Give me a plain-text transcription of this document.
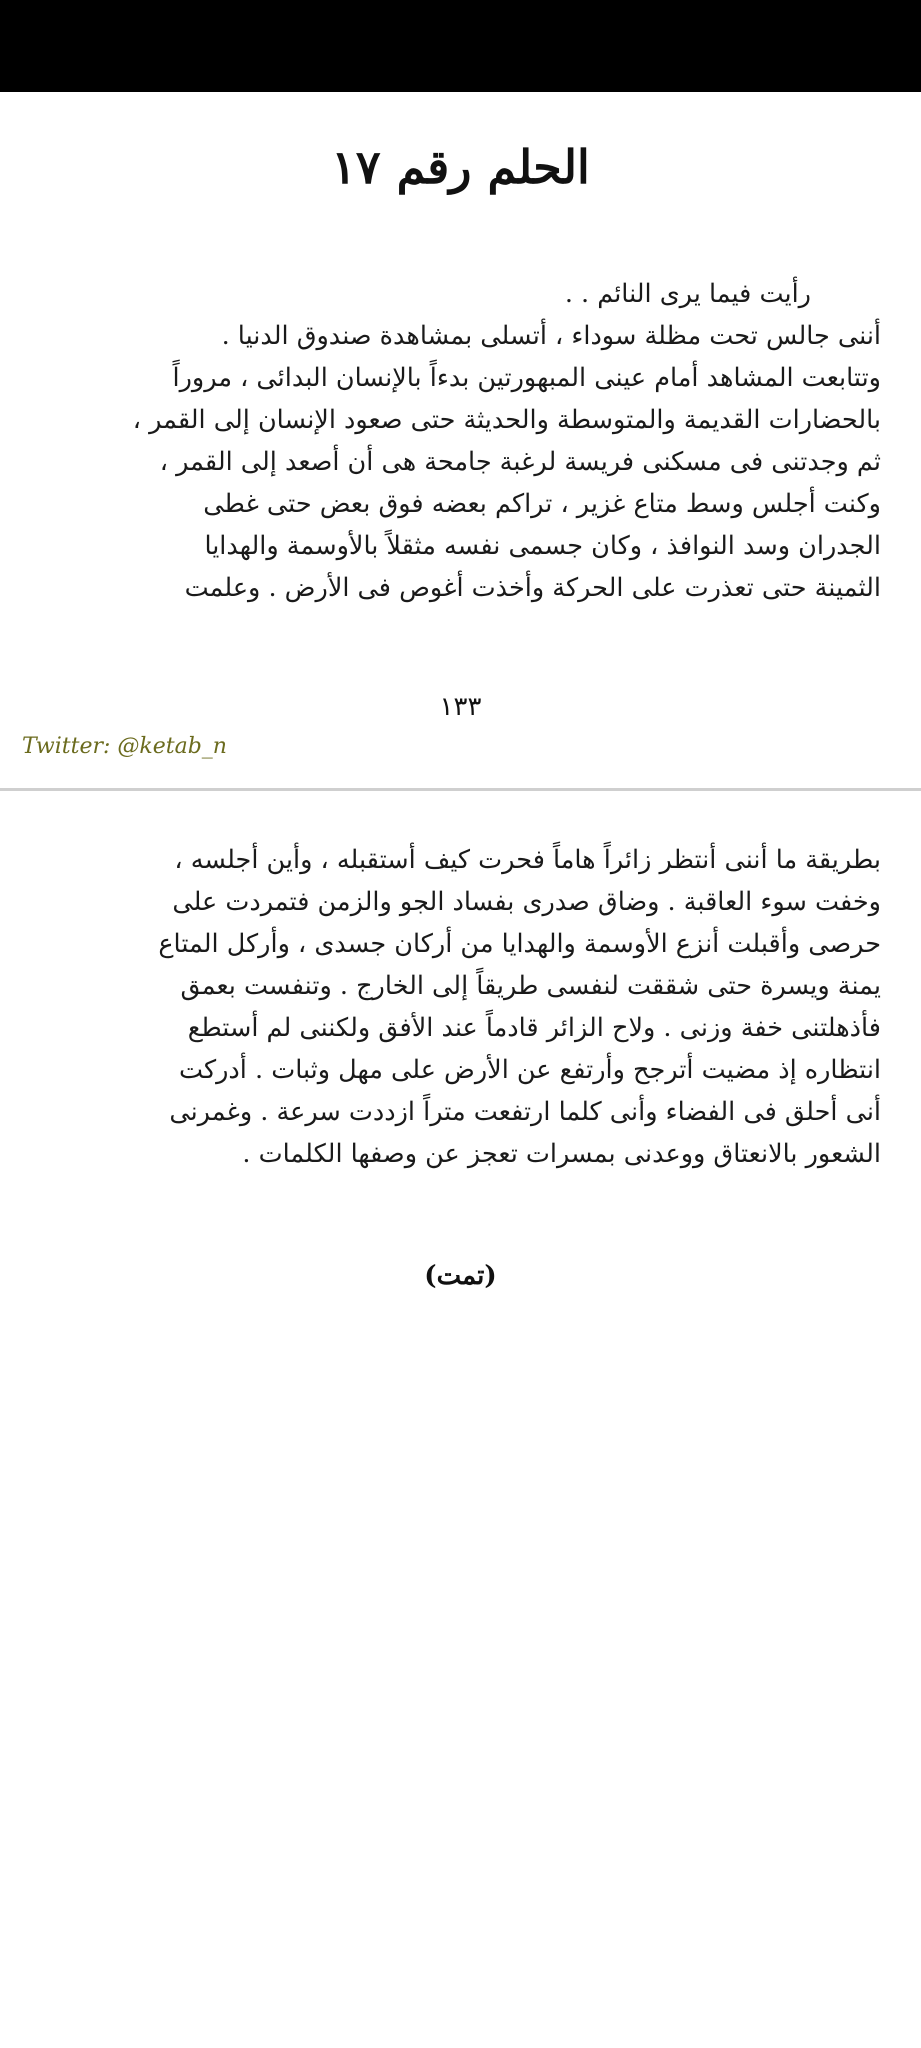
الحلم رقم ١٧
رأيت فيما يرى النائم . .
أننى جالس تحت مظلة سوداء ، أتسلى بمشاهدة صندوق الدنيا .
وتتابعت المشاهد أمام عينى المبهورتين بدءاً بالإنسان البدائى ، مروراً
بالحضارات القديمة والمتوسطة والحديثة حتى صعود الإنسان إلى القمر ،
ثم وجدتنى فى مسكنى فريسة لرغبة جامحة هى أن أصعد إلى القمر ،
وكنت أجلس وسط متاع غزير ، تراكم بعضه فوق بعض حتى غطى
الجدران وسد النوافذ ، وكان جسمى نفسه مثقلاً بالأوسمة والهدايا
الثمينة حتى تعذرت على الحركة وأخذت أغوص فى الأرض . وعلمت
١٣٣
Twitter: @ketab_n
بطريقة ما أننى أنتظر زائراً هاماً فحرت كيف أستقبله ، وأين أجلسه ،
وخفت سوء العاقبة . وضاق صدرى بفساد الجو والزمن فتمردت على
حرصى وأقبلت أنزع الأوسمة والهدايا من أركان جسدى ، وأركل المتاع
يمنة ويسرة حتى شققت لنفسى طريقاً إلى الخارج . وتنفست بعمق
فأذهلتنى خفة وزنى . ولاح الزائر قادماً عند الأفق ولكننى لم أستطع
انتظاره إذ مضيت أترجح وأرتفع عن الأرض على مهل وثبات . أدركت
أنى أحلق فى الفضاء وأنى كلما ارتفعت متراً ازددت سرعة . وغمرنى
الشعور بالانعتاق ووعدنى بمسرات تعجز عن وصفها الكلمات .
(تمت)
